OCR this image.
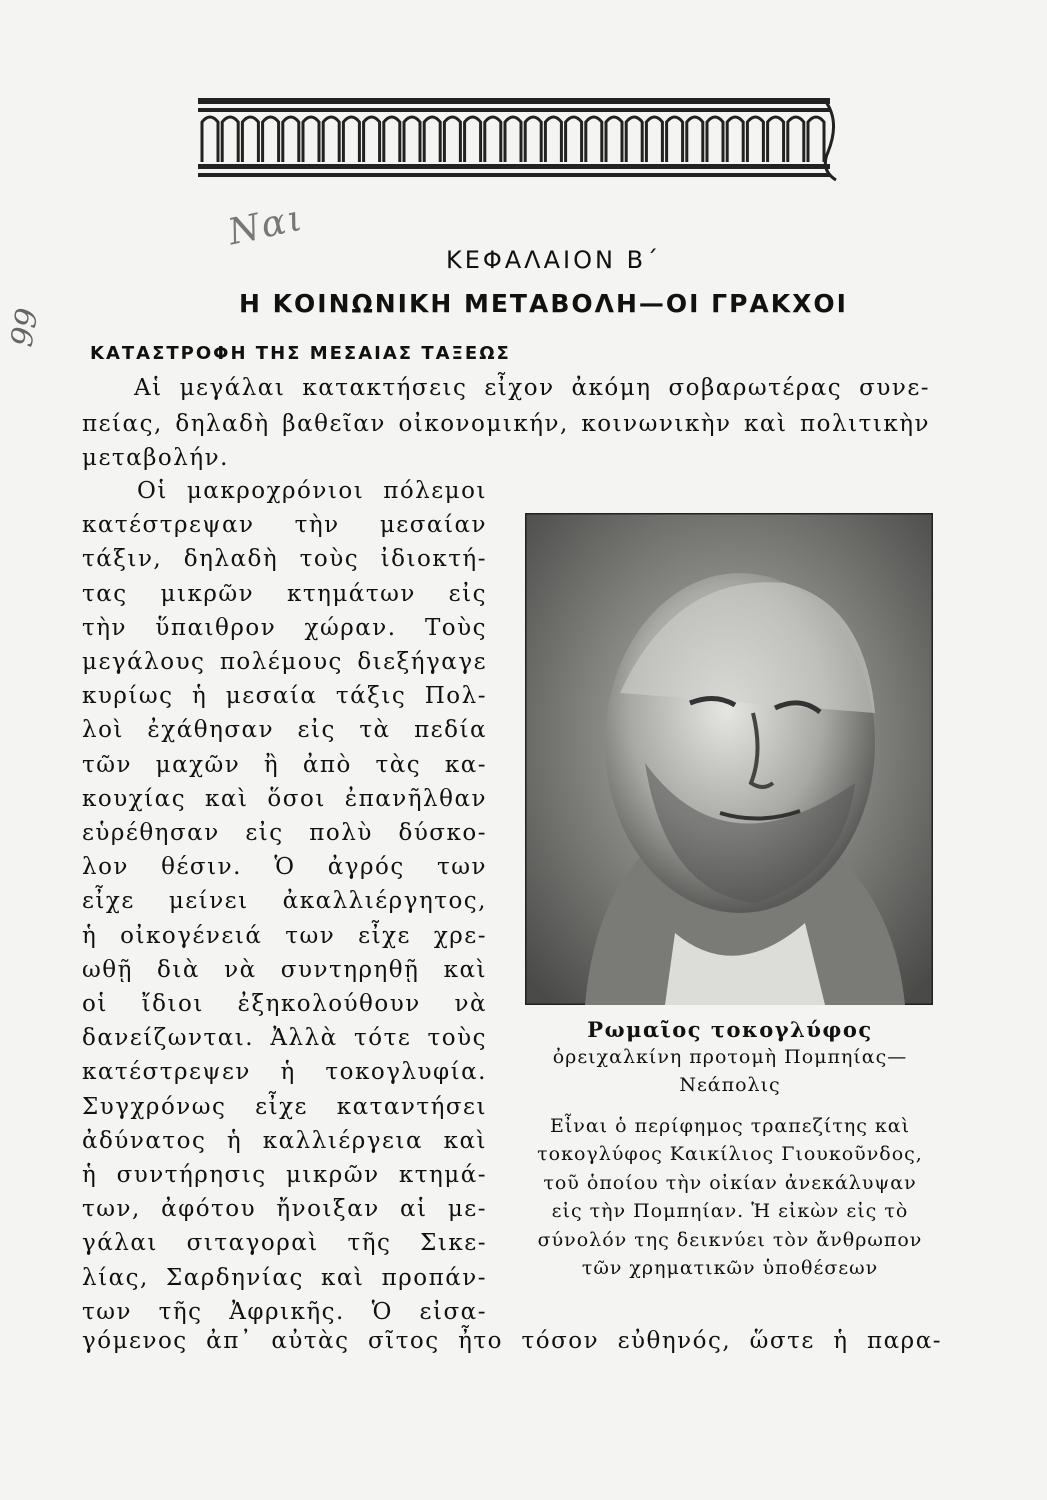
Ναι
99
ΚΕΦΑΛΑΙΟΝ Β΄
Η ΚΟΙΝΩΝΙΚΗ ΜΕΤΑΒΟΛΗ—ΟΙ ΓΡΑΚΧΟΙ
ΚΑΤΑΣΤΡΟΦΗ ΤΗΣ ΜΕΣΑΙΑΣ ΤΑΞΕΩΣ
Αἱ μεγάλαι κατακτήσεις εἶχον ἀκόμη σοβαρωτέρας συνε-
πείας, δηλαδὴ βαθεῖαν οἰκονομικήν, κοινωνικὴν καὶ πολιτικὴν
μεταβολήν.
Οἱ μακροχρόνιοι πόλεμοι
κατέστρεψαν τὴν μεσαίαν
τάξιν, δηλαδὴ τοὺς ἰδιοκτή-
τας μικρῶν κτημάτων εἰς
τὴν ὕπαιθρον χώραν. Τοὺς
μεγάλους πολέμους διεξήγαγε
κυρίως ἡ μεσαία τάξις Πολ-
λοὶ ἐχάθησαν εἰς τὰ πεδία
τῶν μαχῶν ἢ ἀπὸ τὰς κα-
κουχίας καὶ ὅσοι ἐπανῆλθαν
εὑρέθησαν εἰς πολὺ δύσκο-
λον θέσιν. Ὁ ἀγρός των
εἶχε μείνει ἀκαλλιέργητος,
ἡ οἰκογένειά των εἶχε χρε-
ωθῇ διὰ νὰ συντηρηθῇ καὶ
οἱ ἴδιοι ἐξηκολούθουν νὰ
δανείζωνται. Ἀλλὰ τότε τοὺς
κατέστρεψεν ἡ τοκογλυφία.
Συγχρόνως εἶχε καταντήσει
ἀδύνατος ἡ καλλιέργεια καὶ
ἡ συντήρησις μικρῶν κτημά-
των, ἀφότου ἤνοιξαν αἱ με-
γάλαι σιταγοραὶ τῆς Σικε-
λίας, Σαρδηνίας καὶ προπάν-
των τῆς Ἀφρικῆς. Ὁ εἰσα-
Ρωμαῖος τοκογλύφος
ὀρειχαλκίνη προτομὴ Πομπηίας—
Νεάπολις
Εἶναι ὁ περίφημος τραπεζίτης καὶ
τοκογλύφος Καικίλιος Γιουκοῦνδος,
τοῦ ὁποίου τὴν οἰκίαν ἀνεκάλυψαν
εἰς τὴν Πομπηίαν. Ἡ εἰκὼν εἰς τὸ
σύνολόν της δεικνύει τὸν ἄνθρωπον
τῶν χρηματικῶν ὑποθέσεων
γόμενος ἀπ᾽ αὐτὰς σῖτος ἦτο τόσον εὐθηνός, ὥστε ἡ παρα-
